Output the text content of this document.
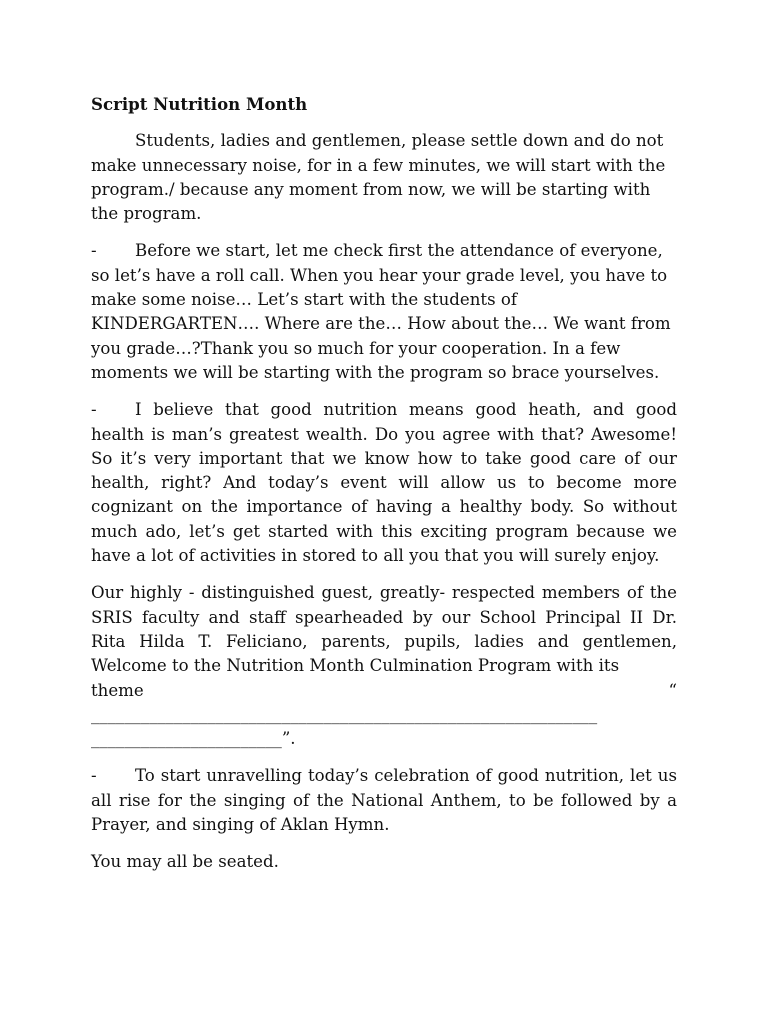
Script Nutrition Month
Students, ladies and gentlemen, please settle down and do not make unnecessary noise, for in a few minutes, we will start with the program./ because any moment from now, we will be starting with the program.
- Before we start, let me check first the attendance of everyone, so let’s have a roll call. When you hear your grade level, you have to make some noise… Let’s start with the students of KINDERGARTEN…. Where are the… How about the… We want from you grade…?Thank you so much for your cooperation. In a few moments we will be starting with the program so brace yourselves.
- I believe that good nutrition means good heath, and good health is man’s greatest wealth. Do you agree with that? Awesome! So it’s very important that we know how to take good care of our health, right? And today’s event will allow us to become more cognizant on the importance of having a healthy body. So without much ado, let’s get started with this exciting program because we have a lot of activities in stored to all you that you will surely enjoy.
Our highly - distinguished guest, greatly- respected members of the SRIS faculty and staff spearheaded by our School Principal II Dr. Rita Hilda T. Feliciano, parents, pupils, ladies and gentlemen, Welcome to the Nutrition Month Culmination Program with its
theme	“
_____________________________________________________________
_______________________”.
- To start unravelling today’s celebration of good nutrition, let us all rise for the singing of the National Anthem, to be followed by a Prayer, and singing of Aklan Hymn.
You may all be seated.
